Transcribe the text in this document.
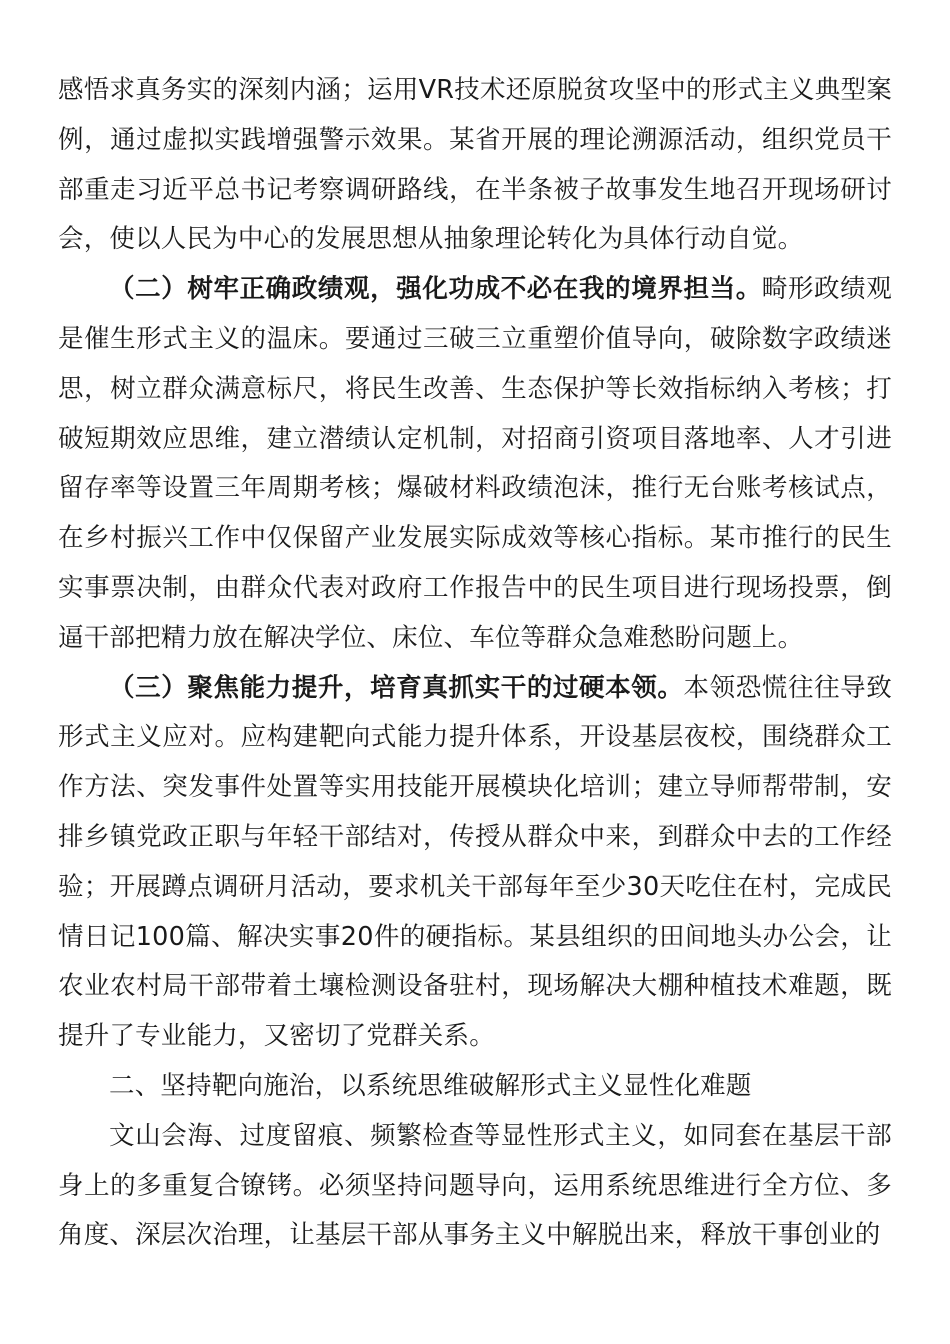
感悟求真务实的深刻内涵；运用VR技术还原脱贫攻坚中的形式主义典型案例，通过虚拟实践增强警示效果。某省开展的理论溯源活动，组织党员干部重走习近平总书记考察调研路线，在半条被子故事发生地召开现场研讨会，使以人民为中心的发展思想从抽象理论转化为具体行动自觉。

（二）树牢正确政绩观，强化功成不必在我的境界担当。畸形政绩观是催生形式主义的温床。要通过三破三立重塑价值导向，破除数字政绩迷思，树立群众满意标尺，将民生改善、生态保护等长效指标纳入考核；打破短期效应思维，建立潜绩认定机制，对招商引资项目落地率、人才引进留存率等设置三年周期考核；爆破材料政绩泡沫，推行无台账考核试点，在乡村振兴工作中仅保留产业发展实际成效等核心指标。某市推行的民生实事票决制，由群众代表对政府工作报告中的民生项目进行现场投票，倒逼干部把精力放在解决学位、床位、车位等群众急难愁盼问题上。

（三）聚焦能力提升，培育真抓实干的过硬本领。本领恐慌往往导致形式主义应对。应构建靶向式能力提升体系，开设基层夜校，围绕群众工作方法、突发事件处置等实用技能开展模块化培训；建立导师帮带制，安排乡镇党政正职与年轻干部结对，传授从群众中来，到群众中去的工作经验；开展蹲点调研月活动，要求机关干部每年至少30天吃住在村，完成民情日记100篇、解决实事20件的硬指标。某县组织的田间地头办公会，让农业农村局干部带着土壤检测设备驻村，现场解决大棚种植技术难题，既提升了专业能力，又密切了党群关系。

二、坚持靶向施治，以系统思维破解形式主义显性化难题

文山会海、过度留痕、频繁检查等显性形式主义，如同套在基层干部身上的多重复合镣铐。必须坚持问题导向，运用系统思维进行全方位、多角度、深层次治理，让基层干部从事务主义中解脱出来，释放干事创业的
